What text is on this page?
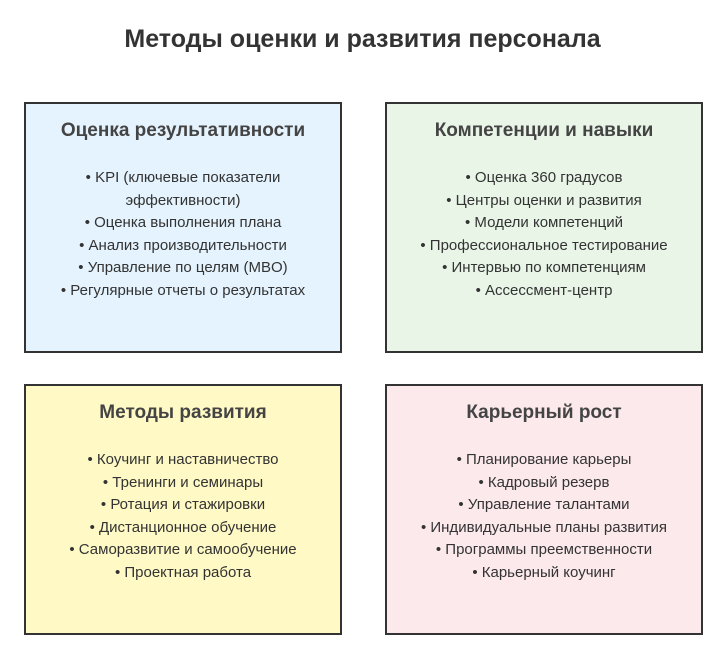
Методы оценки и развития персонала
Оценка результативности
• KPI (ключевые показатели эффективности)
• Оценка выполнения плана
• Анализ производительности
• Управление по целям (MBO)
• Регулярные отчеты о результатах
Компетенции и навыки
• Оценка 360 градусов
• Центры оценки и развития
• Модели компетенций
• Профессиональное тестирование
• Интервью по компетенциям
• Ассессмент-центр
Методы развития
• Коучинг и наставничество
• Тренинги и семинары
• Ротация и стажировки
• Дистанционное обучение
• Саморазвитие и самообучение
• Проектная работа
Карьерный рост
• Планирование карьеры
• Кадровый резерв
• Управление талантами
• Индивидуальные планы развития
• Программы преемственности
• Карьерный коучинг
